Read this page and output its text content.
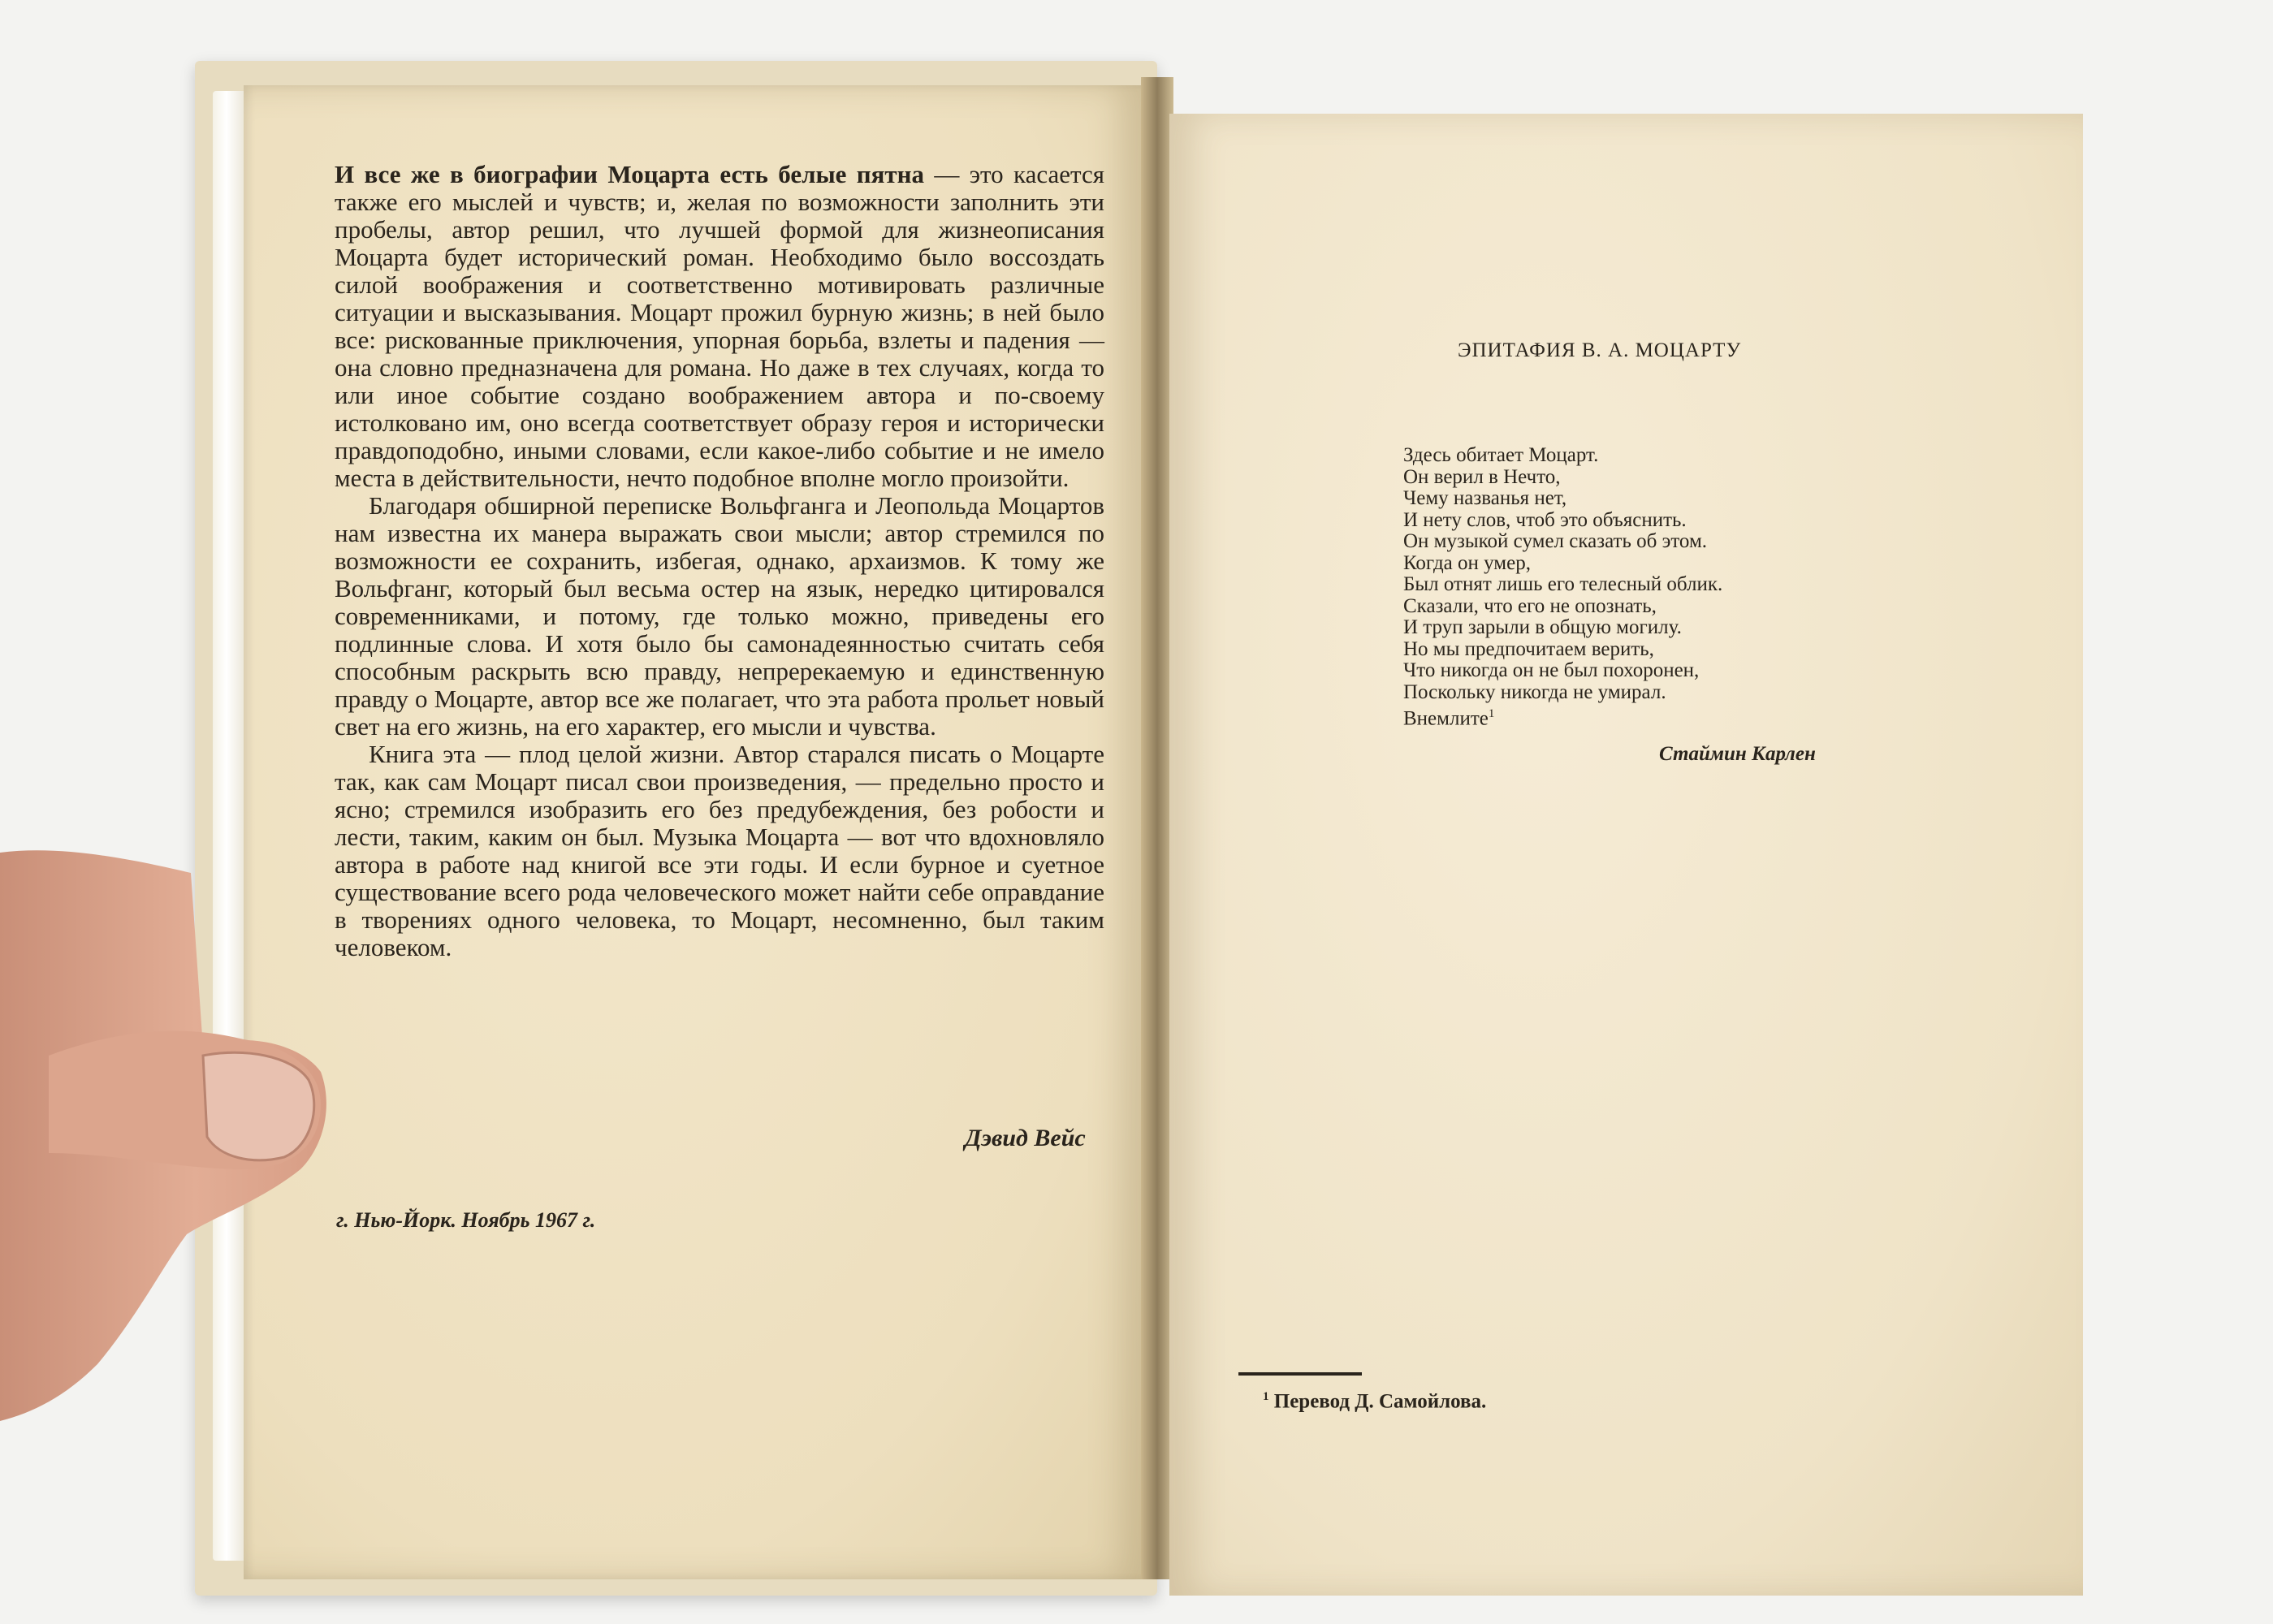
И все же в биографии Моцарта есть белые пятна — это касается также его мыслей и чувств; и, желая по возможности заполнить эти пробелы, автор решил, что лучшей формой для жизнеописания Моцарта будет исторический роман. Необходимо было воссоздать силой воображения и соответственно мотивировать различные ситуации и высказывания. Моцарт прожил бурную жизнь; в ней было все: рискованные приключения, упорная борьба, взлеты и падения — она словно предназначена для романа. Но даже в тех случаях, когда то или иное событие создано воображением автора и по-своему истолковано им, оно всегда соответствует образу героя и исторически правдоподобно, иными словами, если какое-либо событие и не имело места в действительности, нечто подобное вполне могло произойти.

Благодаря обширной переписке Вольфганга и Леопольда Моцартов нам известна их манера выражать свои мысли; автор стремился по возможности ее сохранить, избегая, однако, архаизмов. К тому же Вольфганг, который был весьма остер на язык, нередко цитировался современниками, и потому, где только можно, приведены его подлинные слова. И хотя было бы самонадеянностью считать себя способным раскрыть всю правду, непререкаемую и единственную правду о Моцарте, автор все же полагает, что эта работа прольет новый свет на его жизнь, на его характер, его мысли и чувства.

Книга эта — плод целой жизни. Автор старался писать о Моцарте так, как сам Моцарт писал свои произведения, — предельно просто и ясно; стремился изобразить его без предубеждения, без робости и лести, таким, каким он был. Музыка Моцарта — вот что вдохновляло автора в работе над книгой все эти годы. И если бурное и суетное существование всего рода человеческого может найти себе оправдание в творениях одного человека, то Моцарт, несомненно, был таким человеком.

Дэвид Вейс
г. Нью-Йорк. Ноябрь 1967 г.
ЭПИТАФИЯ В. А. МОЦАРТУ
Здесь обитает Моцарт.
Он верил в Нечто,
Чему названья нет,
И нету слов, чтоб это объяснить.
Он музыкой сумел сказать об этом.
Когда он умер,
Был отнят лишь его телесный облик.
Сказали, что его не опознать,
И труп зарыли в общую могилу.
Но мы предпочитаем верить,
Что никогда он не был похоронен,
Поскольку никогда не умирал.
Внемлите$^1$
Стаймин Карлен
$^1$ Перевод Д. Самойлова.
